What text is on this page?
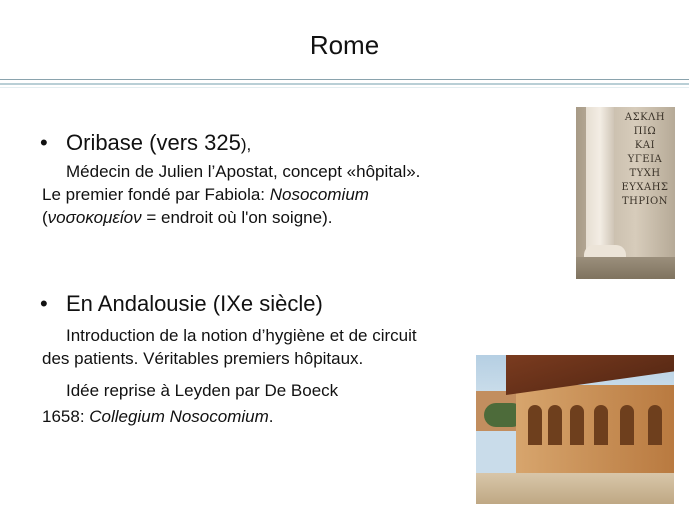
Rome
• Oribase (vers 325),
Médecin de Julien l’Apostat, concept «hôpital».
Le premier fondé par Fabiola: Nosocomium
(νοσοκομείον = endroit où l'on soigne).
• En Andalousie (IXe siècle)
Introduction de la notion d’hygiène et de circuit
des patients. Véritables premiers hôpitaux.
Idée reprise à Leyden par De Boeck
1658: Collegium Nosocomium.
ΑΣΚΛΗ
ΠΙΩ
ΚΑΙ
ΥΓΕΙΑ
ΤΥΧΗ
ΕΥΧΑΗΣ
ΤΗΡΙΟΝ
